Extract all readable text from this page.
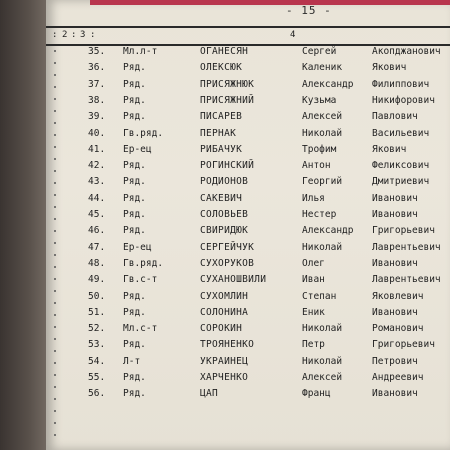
- 15 -
: 2 : 3 :	4
35. Мл.л-т	ОГАНЕСЯН	Сергей	Акопджанович
36. Ряд.	ОЛЕКСЮК	Каленик	Якович
37. Ряд.	ПРИСЯЖНЮК	Александр Филиппович
38. Ряд.	ПРИСЯЖНИЙ	Кузьма	Никифорович
39. Ряд.	ПИСАРЕВ	Алексей	Павлович
40. Гв.ряд.	ПЕРНАК	Николай	Васильевич
41. Ер-ец	РИБАЧУК	Трофим	Якович
42. Ряд.	РОГИНСКИЙ	Антон	Феликсович
43. Ряд.	РОДИОНОВ	Георгий	Дмитриевич
44. Ряд.	САКЕВИЧ	Илья	Иванович
45. Ряд.	СОЛОВЬЕВ	Нестер	Иванович
46. Ряд.	СВИРИДЮК	Александр Григорьевич
47. Ер-ец	СЕРГЕЙЧУК	Николай	Лаврентьевич
48. Гв.ряд.	СУХОРУКОВ	Олег	Иванович
49. Гв.с-т	СУХАНОШВИЛИ	Иван	Лаврентьевич
50. Ряд.	СУХОМЛИН	Степан	Яковлевич
51. Ряд.	СОЛОНИНА	Еник	Иванович
52. Мл.с-т	СОРОКИН	Николай	Романович
53. Ряд.	ТРОЯНЕНКО	Петр	Григорьевич
54. Л-т	УКРАИНЕЦ	Николай	Петрович
55. Ряд.	ХАРЧЕНКО	Алексей	Андреевич
56. Ряд.	ЦАП	Франц	Иванович
